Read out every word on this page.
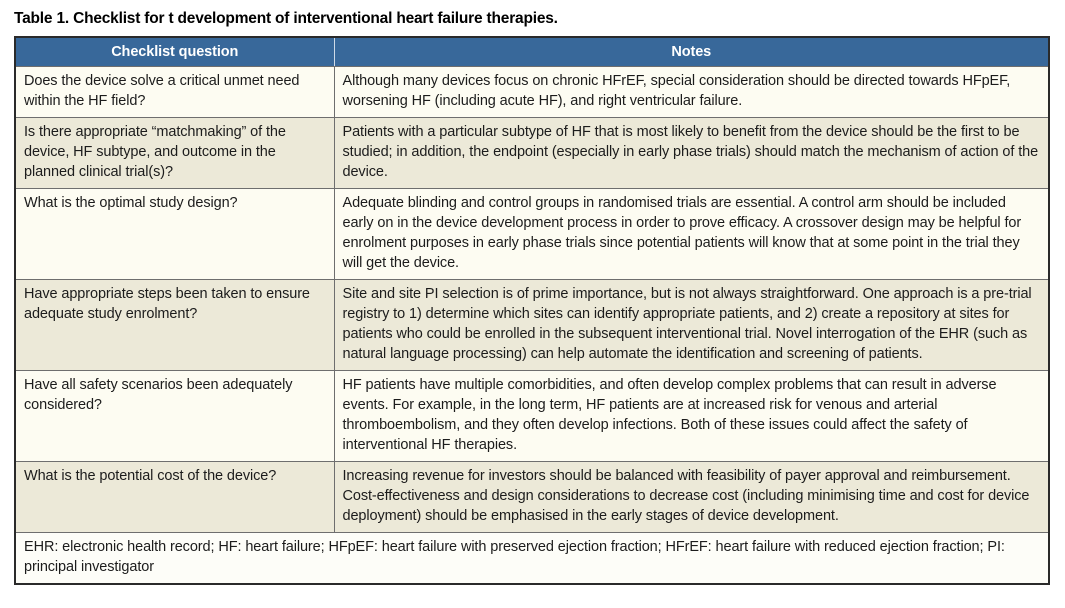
Table 1. Checklist for t development of interventional heart failure therapies.
Checklist question	Notes
Does the device solve a critical unmet need within the HF field?	Although many devices focus on chronic HFrEF, special consideration should be directed towards HFpEF, worsening HF (including acute HF), and right ventricular failure.
Is there appropriate “matchmaking” of the device, HF subtype, and outcome in the planned clinical trial(s)?	Patients with a particular subtype of HF that is most likely to benefit from the device should be the first to be studied; in addition, the endpoint (especially in early phase trials) should match the mechanism of action of the device.
What is the optimal study design?	Adequate blinding and control groups in randomised trials are essential. A control arm should be included early on in the device development process in order to prove efficacy. A crossover design may be helpful for enrolment purposes in early phase trials since potential patients will know that at some point in the trial they will get the device.
Have appropriate steps been taken to ensure adequate study enrolment?	Site and site PI selection is of prime importance, but is not always straightforward. One approach is a pre-trial registry to 1) determine which sites can identify appropriate patients, and 2) create a repository at sites for patients who could be enrolled in the subsequent interventional trial. Novel interrogation of the EHR (such as natural language processing) can help automate the identification and screening of patients.
Have all safety scenarios been adequately considered?	HF patients have multiple comorbidities, and often develop complex problems that can result in adverse events. For example, in the long term, HF patients are at increased risk for venous and arterial thromboembolism, and they often develop infections. Both of these issues could affect the safety of interventional HF therapies.
What is the potential cost of the device?	Increasing revenue for investors should be balanced with feasibility of payer approval and reimbursement. Cost-effectiveness and design considerations to decrease cost (including minimising time and cost for device deployment) should be emphasised in the early stages of device development.
EHR: electronic health record; HF: heart failure; HFpEF: heart failure with preserved ejection fraction; HFrEF: heart failure with reduced ejection fraction; PI: principal investigator	
